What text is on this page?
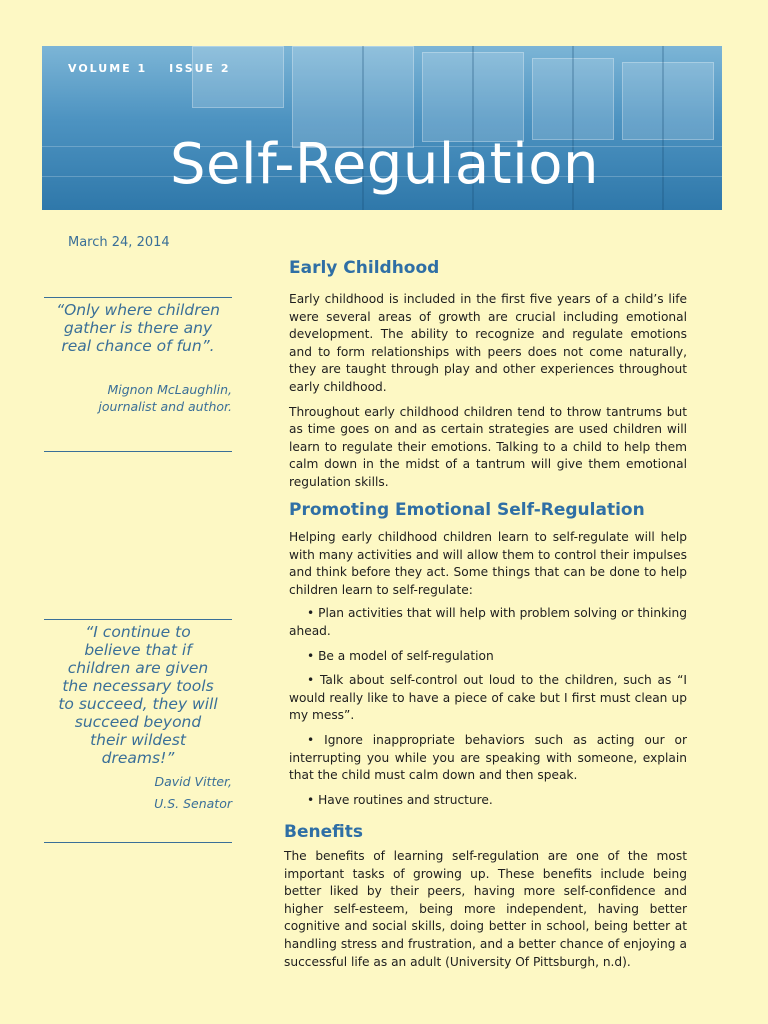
VOLUME 1 ISSUE 2
Self-Regulation
March 24, 2014

“Only where children gather is there any real chance of fun”.

Mignon McLaughlin,

journalist and author.

“I continue to believe that if children are given the necessary tools to succeed, they will succeed beyond their wildest dreams!”

David Vitter,

U.S. Senator

Early Childhood

Early childhood is included in the first five years of a child’s life were several areas of growth are crucial including emotional development. The ability to recognize and regulate emotions and to form relationships with peers does not come naturally, they are taught through play and other experiences throughout early childhood.

Throughout early childhood children tend to throw tantrums but as time goes on and as certain strategies are used children will learn to regulate their emotions. Talking to a child to help them calm down in the midst of a tantrum will give them emotional regulation skills.

Promoting Emotional Self-Regulation

Helping early childhood children learn to self-regulate will help with many activities and will allow them to control their impulses and think before they act. Some things that can be done to help children learn to self-regulate:

• Plan activities that will help with problem solving or thinking ahead.

• Be a model of self-regulation

• Talk about self-control out loud to the children, such as “I would really like to have a piece of cake but I first must clean up my mess”.

• Ignore inappropriate behaviors such as acting our or interrupting you while you are speaking with someone, explain that the child must calm down and then speak.

• Have routines and structure.

Benefits

The benefits of learning self-regulation are one of the most important tasks of growing up. These benefits include being better liked by their peers, having more self-confidence and higher self-esteem, being more independent, having better cognitive and social skills, doing better in school, being better at handling stress and frustration, and a better chance of enjoying a successful life as an adult (University Of Pittsburgh, n.d).
